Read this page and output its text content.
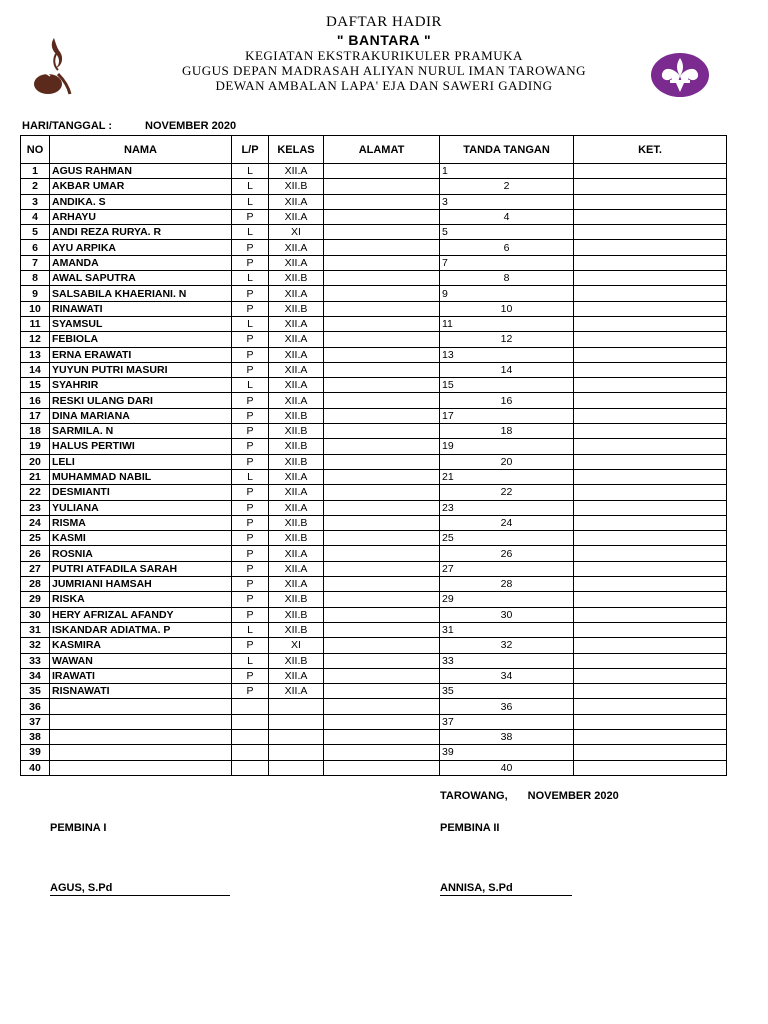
DAFTAR HADIR
" BANTARA "
KEGIATAN EKSTRAKURIKULER PRAMUKA
GUGUS DEPAN MADRASAH ALIYAN NURUL IMAN TAROWANG
DEWAN AMBALAN LAPA' EJA DAN SAWERI GADING
HARI/TANGGAL :	NOVEMBER 2020
NO	NAMA	L/P	KELAS	ALAMAT	TANDA TANGAN	KET.
1	AGUS RAHMAN	L	XII.A		1	
2	AKBAR UMAR	L	XII.B		2	
3	ANDIKA. S	L	XII.A		3	
4	ARHAYU	P	XII.A		4	
5	ANDI REZA RURYA. R	L	XI		5	
6	AYU ARPIKA	P	XII.A		6	
7	AMANDA	P	XII.A		7	
8	AWAL SAPUTRA	L	XII.B		8	
9	SALSABILA KHAERIANI. N	P	XII.A		9	
10	RINAWATI	P	XII.B		10	
11	SYAMSUL	L	XII.A		11	
12	FEBIOLA	P	XII.A		12	
13	ERNA ERAWATI	P	XII.A		13	
14	YUYUN PUTRI MASURI	P	XII.A		14	
15	SYAHRIR	L	XII.A		15	
16	RESKI ULANG DARI	P	XII.A		16	
17	DINA MARIANA	P	XII.B		17	
18	SARMILA. N	P	XII.B		18	
19	HALUS PERTIWI	P	XII.B		19	
20	LELI	P	XII.B		20	
21	MUHAMMAD NABIL	L	XII.A		21	
22	DESMIANTI	P	XII.A		22	
23	YULIANA	P	XII.A		23	
24	RISMA	P	XII.B		24	
25	KASMI	P	XII.B		25	
26	ROSNIA	P	XII.A		26	
27	PUTRI ATFADILA SARAH	P	XII.A		27	
28	JUMRIANI HAMSAH	P	XII.A		28	
29	RISKA	P	XII.B		29	
30	HERY AFRIZAL AFANDY	P	XII.B		30	
31	ISKANDAR ADIATMA. P	L	XII.B		31	
32	KASMIRA	P	XI		32	
33	WAWAN	L	XII.B		33	
34	IRAWATI	P	XII.A		34	
35	RISNAWATI	P	XII.A		35	
36					36	
37					37	
38					38	
39					39	
40					40	
TAROWANG, NOVEMBER 2020
PEMBINA I	PEMBINA II
AGUS, S.Pd	ANNISA, S.Pd
